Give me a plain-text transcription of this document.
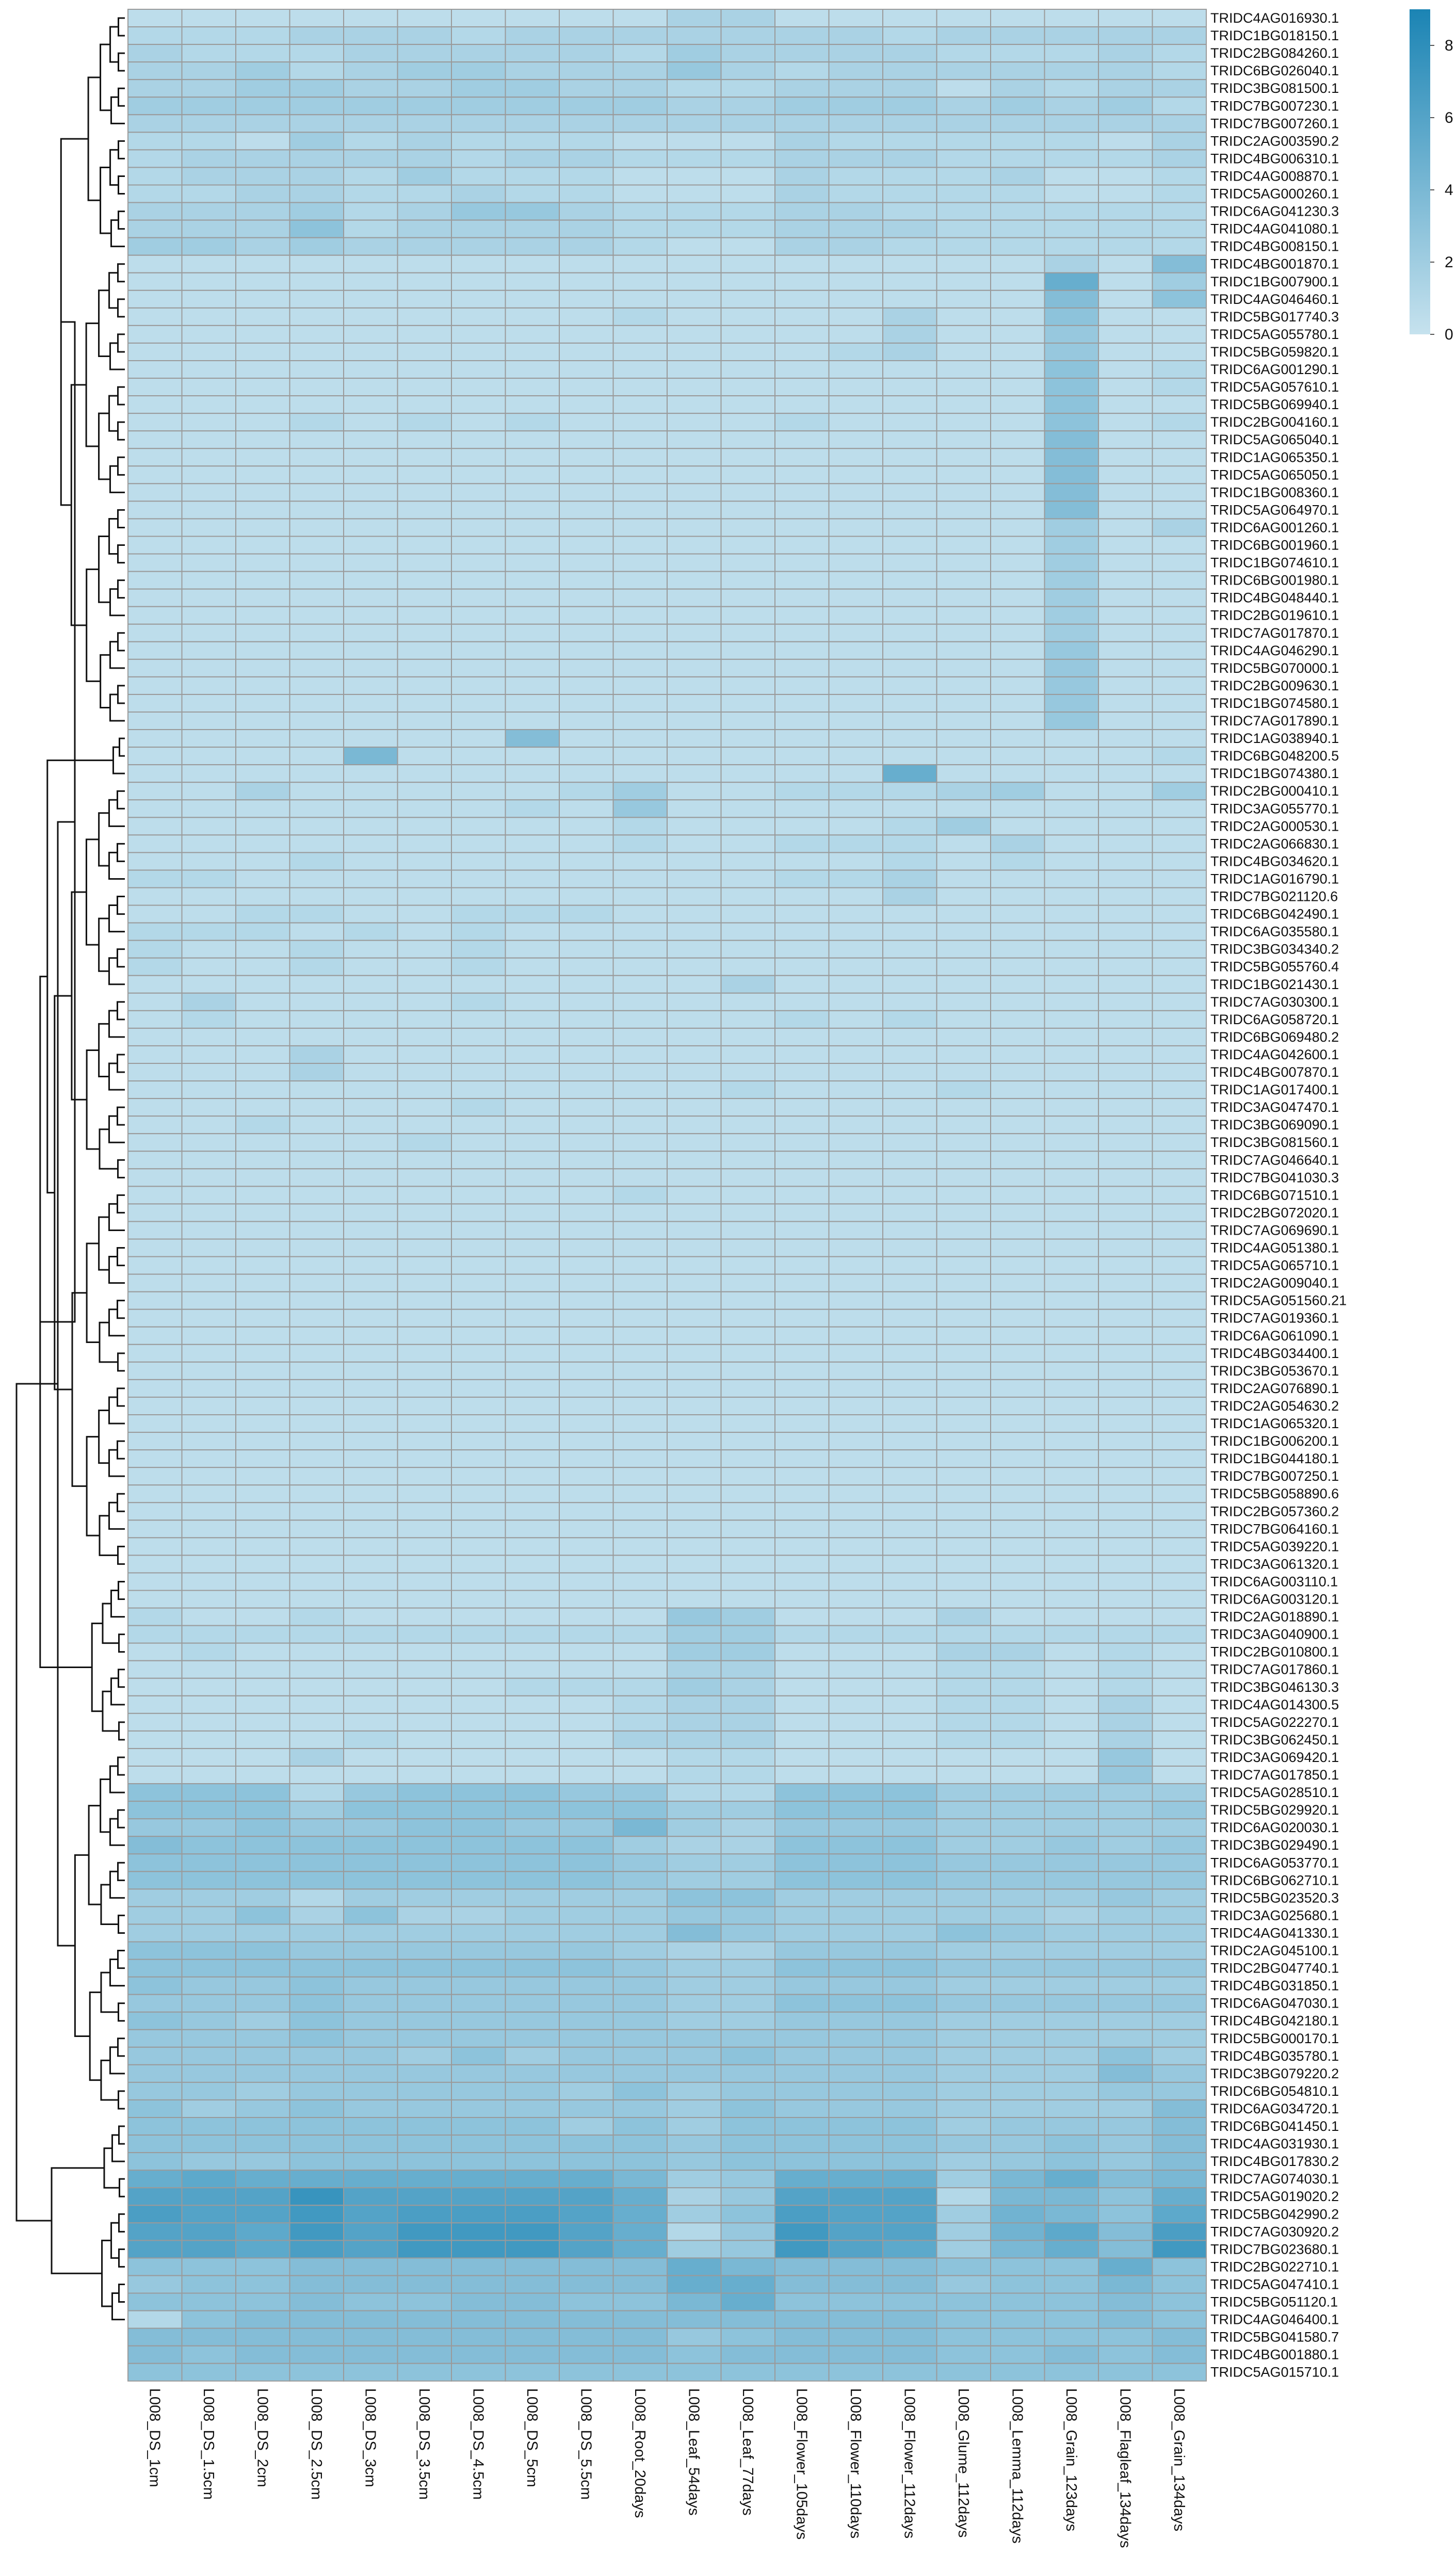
TRIDC4AG016930.1
TRIDC1BG018150.1
TRIDC2BG084260.1
TRIDC6BG026040.1
TRIDC3BG081500.1
TRIDC7BG007230.1
TRIDC7BG007260.1
TRIDC2AG003590.2
TRIDC4BG006310.1
TRIDC4AG008870.1
TRIDC5AG000260.1
TRIDC6AG041230.3
TRIDC4AG041080.1
TRIDC4BG008150.1
TRIDC4BG001870.1
TRIDC1BG007900.1
TRIDC4AG046460.1
TRIDC5BG017740.3
TRIDC5AG055780.1
TRIDC5BG059820.1
TRIDC6AG001290.1
TRIDC5AG057610.1
TRIDC5BG069940.1
TRIDC2BG004160.1
TRIDC5AG065040.1
TRIDC1AG065350.1
TRIDC5AG065050.1
TRIDC1BG008360.1
TRIDC5AG064970.1
TRIDC6AG001260.1
TRIDC6BG001960.1
TRIDC1BG074610.1
TRIDC6BG001980.1
TRIDC4BG048440.1
TRIDC2BG019610.1
TRIDC7AG017870.1
TRIDC4AG046290.1
TRIDC5BG070000.1
TRIDC2BG009630.1
TRIDC1BG074580.1
TRIDC7AG017890.1
TRIDC1AG038940.1
TRIDC6BG048200.5
TRIDC1BG074380.1
TRIDC2BG000410.1
TRIDC3AG055770.1
TRIDC2AG000530.1
TRIDC2AG066830.1
TRIDC4BG034620.1
TRIDC1AG016790.1
TRIDC7BG021120.6
TRIDC6BG042490.1
TRIDC6AG035580.1
TRIDC3BG034340.2
TRIDC5BG055760.4
TRIDC1BG021430.1
TRIDC7AG030300.1
TRIDC6AG058720.1
TRIDC6BG069480.2
TRIDC4AG042600.1
TRIDC4BG007870.1
TRIDC1AG017400.1
TRIDC3AG047470.1
TRIDC3BG069090.1
TRIDC3BG081560.1
TRIDC7AG046640.1
TRIDC7BG041030.3
TRIDC6BG071510.1
TRIDC2BG072020.1
TRIDC7AG069690.1
TRIDC4AG051380.1
TRIDC5AG065710.1
TRIDC2AG009040.1
TRIDC5AG051560.21
TRIDC7AG019360.1
TRIDC6AG061090.1
TRIDC4BG034400.1
TRIDC3BG053670.1
TRIDC2AG076890.1
TRIDC2AG054630.2
TRIDC1AG065320.1
TRIDC1BG006200.1
TRIDC1BG044180.1
TRIDC7BG007250.1
TRIDC5BG058890.6
TRIDC2BG057360.2
TRIDC7BG064160.1
TRIDC5AG039220.1
TRIDC3AG061320.1
TRIDC6AG003110.1
TRIDC6AG003120.1
TRIDC2AG018890.1
TRIDC3AG040900.1
TRIDC2BG010800.1
TRIDC7AG017860.1
TRIDC3BG046130.3
TRIDC4AG014300.5
TRIDC5AG022270.1
TRIDC3BG062450.1
TRIDC3AG069420.1
TRIDC7AG017850.1
TRIDC5AG028510.1
TRIDC5BG029920.1
TRIDC6AG020030.1
TRIDC3BG029490.1
TRIDC6AG053770.1
TRIDC6BG062710.1
TRIDC5BG023520.3
TRIDC3AG025680.1
TRIDC4AG041330.1
TRIDC2AG045100.1
TRIDC2BG047740.1
TRIDC4BG031850.1
TRIDC6AG047030.1
TRIDC4BG042180.1
TRIDC5BG000170.1
TRIDC4BG035780.1
TRIDC3BG079220.2
TRIDC6BG054810.1
TRIDC6AG034720.1
TRIDC6BG041450.1
TRIDC4AG031930.1
TRIDC4BG017830.2
TRIDC7AG074030.1
TRIDC5AG019020.2
TRIDC5BG042990.2
TRIDC7AG030920.2
TRIDC7BG023680.1
TRIDC2BG022710.1
TRIDC5AG047410.1
TRIDC5BG051120.1
TRIDC4AG046400.1
TRIDC5BG041580.7
TRIDC4BG001880.1
TRIDC5AG015710.1
L008_DS_1cm	L008_DS_1.5cm	L008_DS_2cm	L008_DS_2.5cm	L008_DS_3cm	L008_DS_3.5cm	L008_DS_4.5cm	L008_DS_5cm	L008_DS_5.5cm	L008_Root_20days	L008_Leaf_54days	L008_Leaf_77days	L008_Flower_105days	L008_Flower_110days	L008_Flower_112days	L008_Glume_112days	L008_Lemma_112days	L008_Grain_123days	L008_Flagleaf_134days	L008_Grain_134days
0
2
4
6
8
